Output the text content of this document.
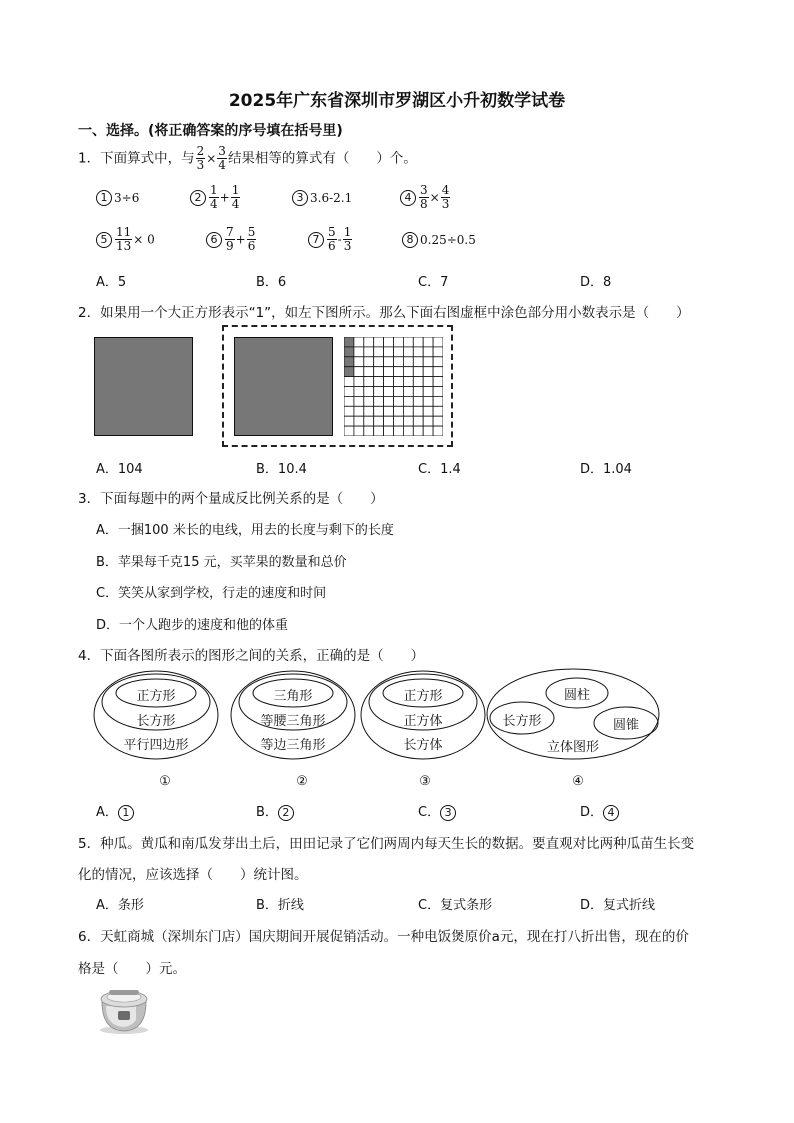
2025年广东省深圳市罗湖区小升初数学试卷
一、选择。(将正确答案的序号填在括号里)
1．下面算式中，与 $\frac{2}{3} \times \frac{3}{4}$ 结果相等的算式有（　　）个。
1 3÷6	$2 \frac{1}{4} + \frac{1}{4}$	3 3.6-2.1	$4 \frac{3}{8} \times \frac{4}{3}$
$5 \frac{11}{13} \times 0$	$6 \frac{7}{9} + \frac{5}{6}$	$7 \frac{5}{6} - \frac{1}{3}$	8 0.25÷0.5
A．5	B．6	C．7	D．8
2．如果用一个大正方形表示“1”，如左下图所示。那么下面右图虚框中涂色部分用小数表示是（　　）
A．104	B．10.4	C．1.4	D．1.04
3．下面每题中的两个量成反比例关系的是（　　）
A．一捆100 米长的电线，用去的长度与剩下的长度
B．苹果每千克15 元，买苹果的数量和总价
C．笑笑从家到学校，行走的速度和时间
D．一个人跑步的速度和他的体重
4．下面各图所表示的图形之间的关系，正确的是（　　）
正方形
长方形
平行四边形
三角形
等腰三角形
等边三角形
正方形
正方体
长方体
圆柱
长方形	圆锥
立体图形
①	②	③	④
A． 1	B． 2	C． 3	D． 4
5．种瓜。黄瓜和南瓜发芽出土后，田田记录了它们两周内每天生长的数据。要直观对比两种瓜苗生长变
化的情况，应该选择（　　）统计图。
A．条形	B．折线	C．复式条形	D．复式折线
6．天虹商城（深圳东门店）国庆期间开展促销活动。一种电饭煲原价a元，现在打八折出售，现在的价
格是（　　）元。
